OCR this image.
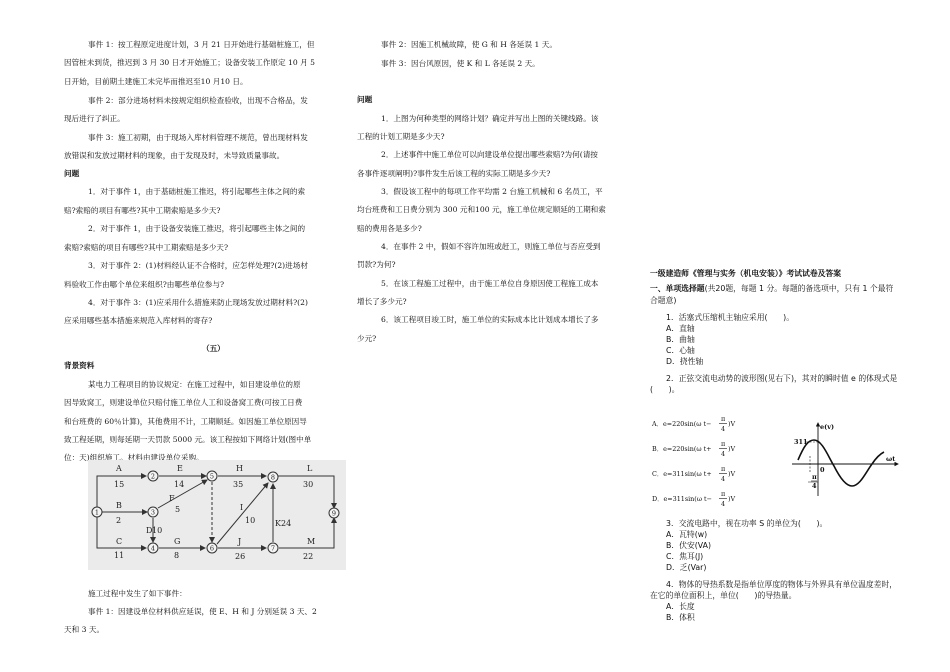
事件 1：按工程原定进度计划，3 月 21 日开始进行基础桩施工，但
因管桩未到货，推迟到 3 月 30 日才开始施工；设备安装工作原定 10 月 5
日开始，目前期土建施工未完毕而推迟至10 月10 日。
事件 2：部分进场材料未按规定组织检查验收，出现不合格品，发
现后进行了纠正。
事件 3：施工初期，由于现场入库材料管理不规范，曾出现材料发
放错误和发放过期材料的现象，由于发现及时，未导致质量事故。
问题
1．对于事件 1，由于基础桩施工推迟，将引起哪些主体之间的索
赔?索赔的项目有哪些?其中工期索赔是多少天?
2．对于事件 1，由于设备安装施工推迟，将引起哪些主体之间的
索赔?索赔的项目有哪些?其中工期索赔是多少天?
3．对于事件 2：(1)材料经认证不合格时，应怎样处理?(2)进场材
料验收工作由哪个单位来组织?由哪些单位参与?
4．对于事件 3：(1)应采用什么措施来防止现场发放过期材料?(2)
应采用哪些基本措施来规范入库材料的寄存?
（五）
背景资料
某电力工程项目的协议规定：在施工过程中，如目建设单位的原
因导致窝工，则建设单位只赔付施工单位人工和设备窝工费(可按工日费
和台班费的 60％计算)，其他费用不计，工期顺延。如因施工单位原因导
致工程延期，则每延期一天罚款 5000 元。该工程按如下网络计划(图中单
位：天)组织施工。材料由建设单位采购。
1
2
3
4
5
6	7
8
9
A
15
B
2
C
11
D 10
E
14
F
5
G
8
H
35
I
10
J
26
K 24
L
30
M
22
施工过程中发生了如下事件：
事件 1：因建设单位材料供应延误，使 E、H 和 J 分别延误 3 天、2
天和 3 天。
事件 2：因施工机械故障，使 G 和 H 各延误 1 天。
事件 3：因台风原因，使 K 和 L 各延误 2 天。
问题
1．上图为何种类型的网络计划？确定并写出上图的关键线路。该
工程的计划工期是多少天?
2．上述事件中施工单位可以向建设单位提出哪些索赔?为何(请按
各事件逐项阐明)?事件发生后该工程的实际工期是多少天?
3．假设该工程中的每项工作平均需 2 台施工机械和 6 名员工，平
均台班费和工日费分别为 300 元和100 元，施工单位规定顺延的工期和索
赔的费用各是多少?
4．在事件 2 中，假如不容许加班或赶工，则施工单位与否应受到
罚款?为何?
5．在该工程施工过程中，由于施工单位自身原因使工程施工成本
增长了多少元?
6．该工程项目竣工时，施工单位的实际成本比计划成本增长了多
少元?
一级建造师《管理与实务（机电安装）》考试试卷及答案
一、单项选择题(共20题，每题 1 分。每题的备选项中，只有 1 个最符
合题意)
1．活塞式压缩机主轴应采用(　　)。
A．直轴
B．曲轴
C．心轴
D．挠性轴
2．正弦交流电动势的波形图(见右下)，其对的瞬时值 e 的体现式是
(　　)。
A．e=220sin(ω t−
π
4
)V
B．e=220sin(ω t+
π
4
)V
C．e=311sin(ω t+
π
4
)V
D．e=311sin(ω t−
π
4
)V
e(v)
311
0
ωt
π
4
3．交流电路中，视在功率 S 的单位为(　　)。
A．瓦特(w)
B．伏安(VA)
C．焦耳(J)
D．乏(Var)
4．物体的导热系数是指单位厚度的物体与外界具有单位温度差时，
在它的单位面积上，单位(　　)的导热量。
A．长度
B．体积
